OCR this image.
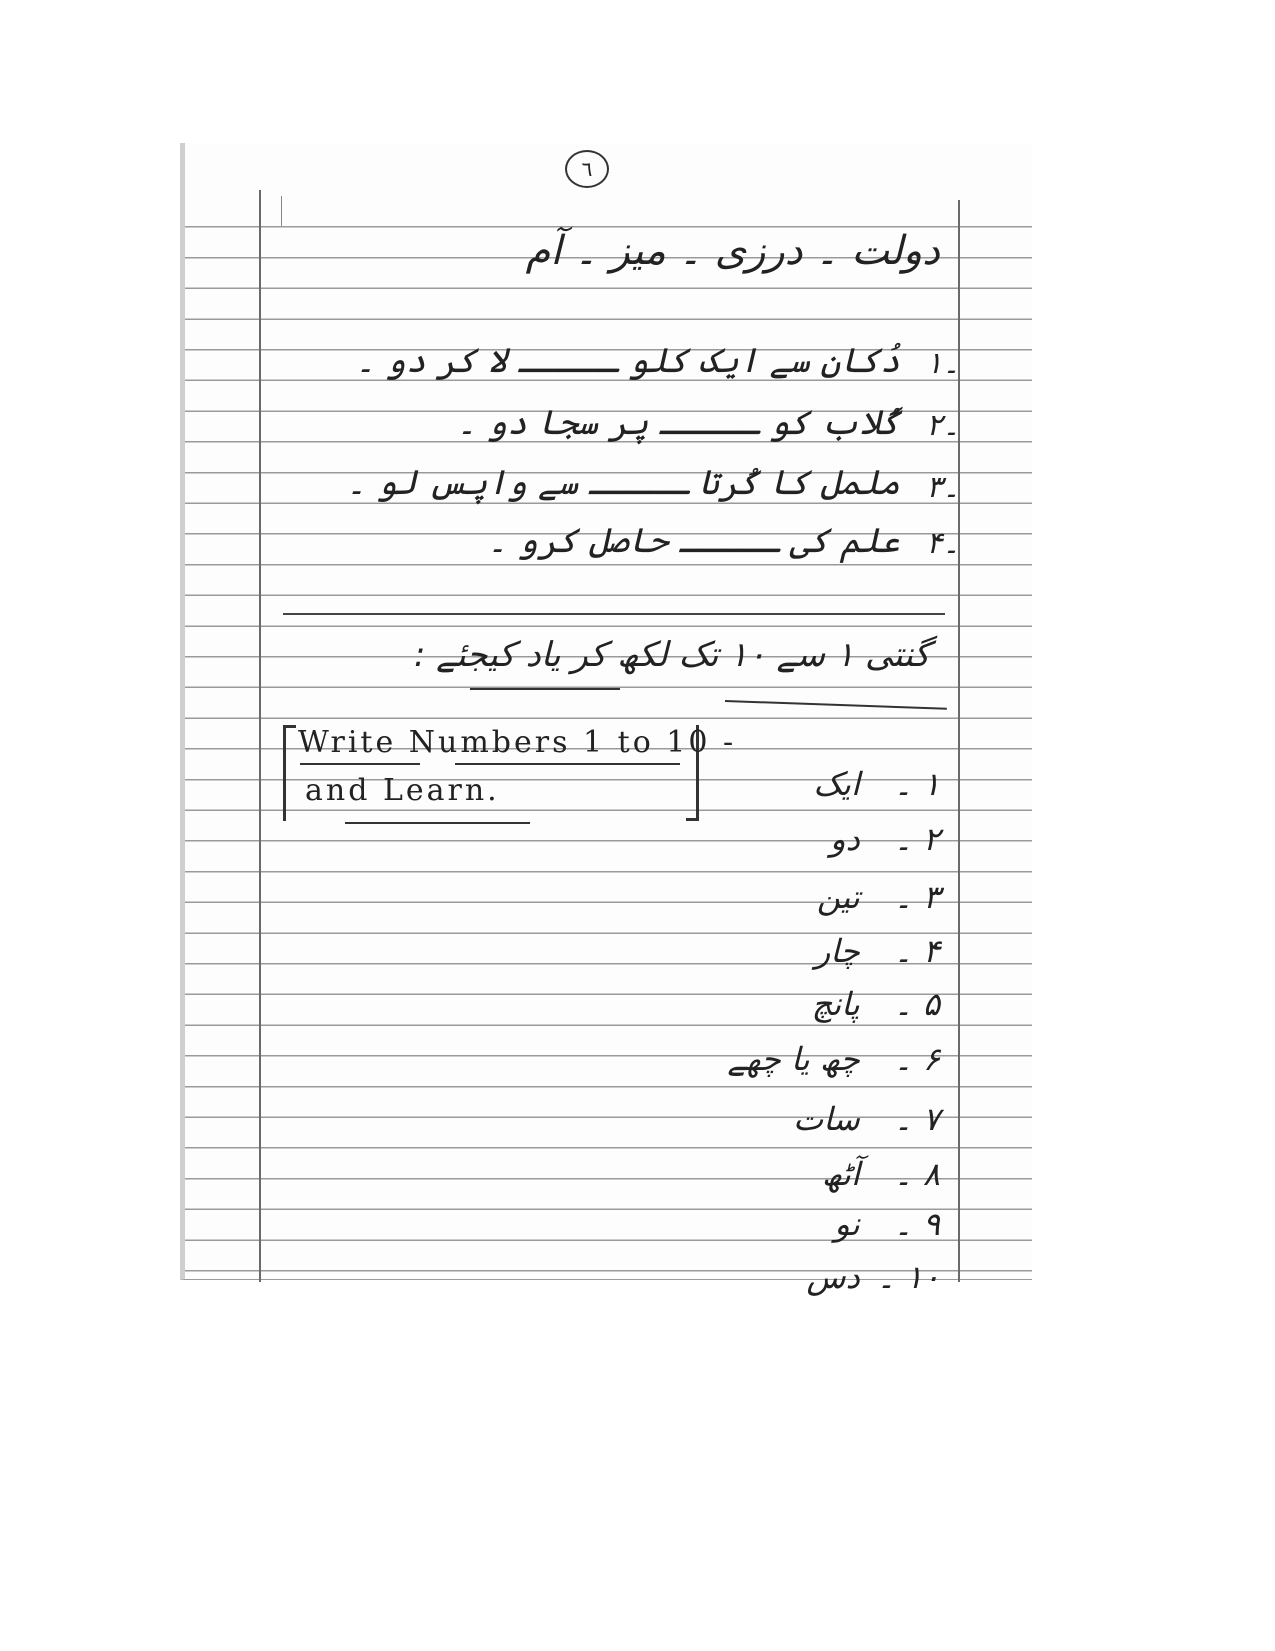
٦
دولت ۔ درزی ۔ میز ۔ آم
دُکان سے ایک کلو ـــــ لا کر دو ۔ ۔۱
گُلاب کو ـــــ پر سجا دو ۔ ۔۲
ململ کا کُرتا ـــــ سے واپس لو ۔ ۔۳
علم کی ـــــ حاصل کرو ۔ ۔۴
گنتی ۱ سے ۱۰ تک لکھ کر یاد کیجئے :
Write Numbers 1 to 10 -
and Learn.	۱ ۔ ایک
۲ ۔ دو
۳ ۔ تین
۴ ۔ چار
۵ ۔ پانچ
۶ ۔ چھ یا چھے
۷ ۔ سات
۸ ۔ آٹھ
۹ ۔ نو
۱۰ ۔ دس
